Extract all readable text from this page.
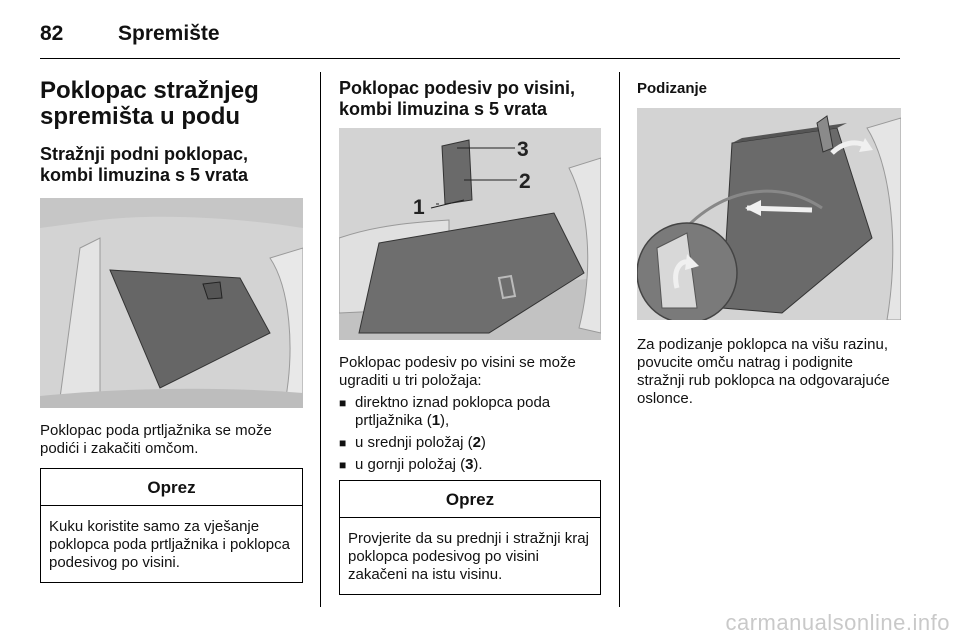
82	Spremište
Poklopac stražnjeg spremišta u podu
Stražnji podni poklopac, kombi limuzina s 5 vrata
Poklopac poda prtljažnika se može podići i zakačiti omčom.
Oprez
Kuku koristite samo za vješanje poklopca poda prtljažnika i poklopca podesivog po visini.
Poklopac podesiv po visini, kombi limuzina s 5 vrata
3
2
1
Poklopac podesiv po visini se može ugraditi u tri položaja:
■ direktno iznad poklopca poda prtljažnika (1),
■ u srednji položaj (2)
■ u gornji položaj (3).
Oprez
Provjerite da su prednji i stražnji kraj poklopca podesivog po visini zakačeni na istu visinu.
Podizanje
Za podizanje poklopca na višu razinu, povucite omču natrag i podignite stražnji rub poklopca na odgovarajuće oslonce.
carmanualsonline.info
